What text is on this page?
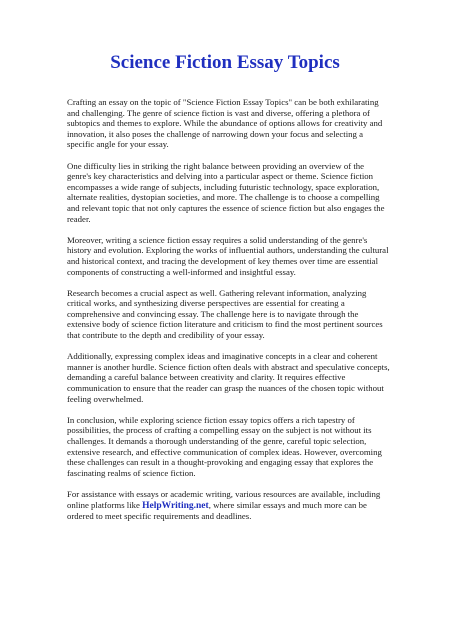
Science Fiction Essay Topics

Crafting an essay on the topic of "Science Fiction Essay Topics" can be both exhilarating and challenging. The genre of science fiction is vast and diverse, offering a plethora of subtopics and themes to explore. While the abundance of options allows for creativity and innovation, it also poses the challenge of narrowing down your focus and selecting a specific angle for your essay.

One difficulty lies in striking the right balance between providing an overview of the genre's key characteristics and delving into a particular aspect or theme. Science fiction encompasses a wide range of subjects, including futuristic technology, space exploration, alternate realities, dystopian societies, and more. The challenge is to choose a compelling and relevant topic that not only captures the essence of science fiction but also engages the reader.

Moreover, writing a science fiction essay requires a solid understanding of the genre's history and evolution. Exploring the works of influential authors, understanding the cultural and historical context, and tracing the development of key themes over time are essential components of constructing a well-informed and insightful essay.

Research becomes a crucial aspect as well. Gathering relevant information, analyzing critical works, and synthesizing diverse perspectives are essential for creating a comprehensive and convincing essay. The challenge here is to navigate through the extensive body of science fiction literature and criticism to find the most pertinent sources that contribute to the depth and credibility of your essay.

Additionally, expressing complex ideas and imaginative concepts in a clear and coherent manner is another hurdle. Science fiction often deals with abstract and speculative concepts, demanding a careful balance between creativity and clarity. It requires effective communication to ensure that the reader can grasp the nuances of the chosen topic without feeling overwhelmed.

In conclusion, while exploring science fiction essay topics offers a rich tapestry of possibilities, the process of crafting a compelling essay on the subject is not without its challenges. It demands a thorough understanding of the genre, careful topic selection, extensive research, and effective communication of complex ideas. However, overcoming these challenges can result in a thought-provoking and engaging essay that explores the fascinating realms of science fiction.

For assistance with essays or academic writing, various resources are available, including online platforms like HelpWriting.net, where similar essays and much more can be ordered to meet specific requirements and deadlines.
